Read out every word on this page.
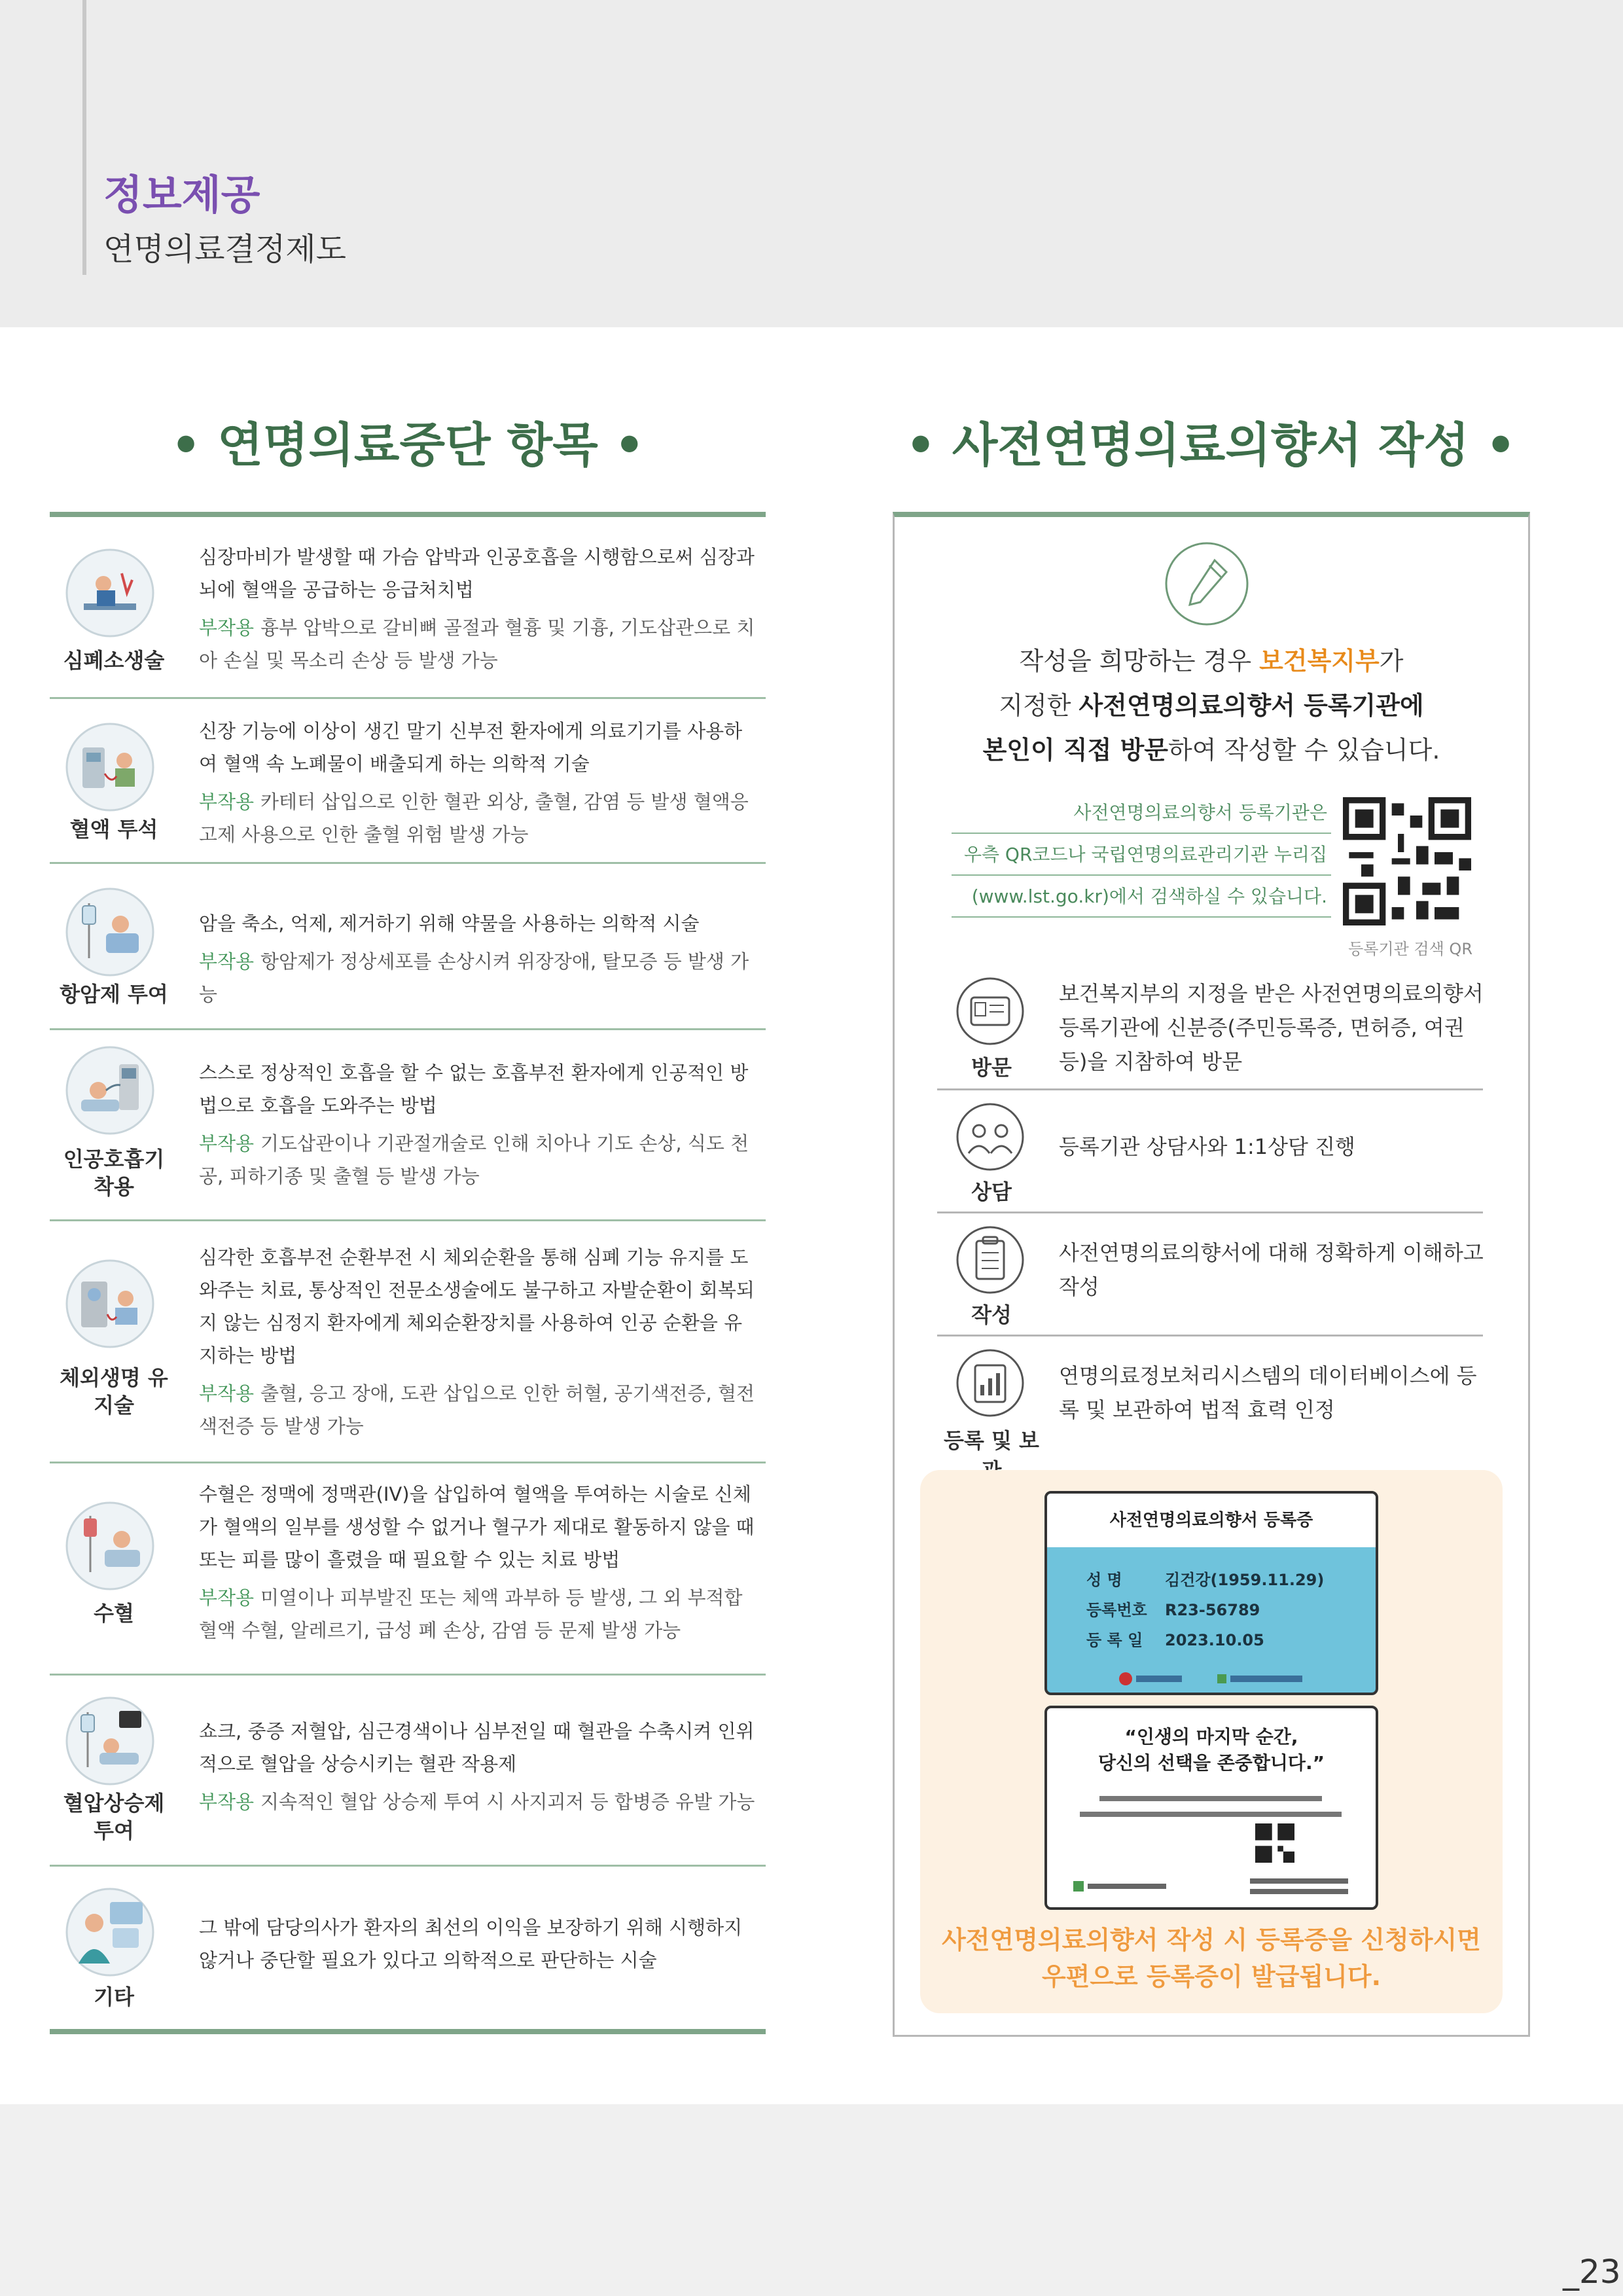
정보제공
연명의료결정제도
• 연명의료중단 항목 •
심폐소생술
심장마비가 발생할 때 가슴 압박과 인공호흡을 시행함으로써 심장과 뇌에 혈액을 공급하는 응급처치법
부작용 흉부 압박으로 갈비뼈 골절과 혈흉 및 기흉, 기도삽관으로 치아 손실 및 목소리 손상 등 발생 가능
혈액 투석
신장 기능에 이상이 생긴 말기 신부전 환자에게 의료기기를 사용하여 혈액 속 노폐물이 배출되게 하는 의학적 기술
부작용 카테터 삽입으로 인한 혈관 외상, 출혈, 감염 등 발생 혈액응고제 사용으로 인한 출혈 위험 발생 가능
항암제 투여
암을 축소, 억제, 제거하기 위해 약물을 사용하는 의학적 시술
부작용 항암제가 정상세포를 손상시켜 위장장애, 탈모증 등 발생 가능
인공호흡기 착용
스스로 정상적인 호흡을 할 수 없는 호흡부전 환자에게 인공적인 방법으로 호흡을 도와주는 방법
부작용 기도삽관이나 기관절개술로 인해 치아나 기도 손상, 식도 천공, 피하기종 및 출혈 등 발생 가능
체외생명 유지술
심각한 호흡부전 순환부전 시 체외순환을 통해 심폐 기능 유지를 도와주는 치료, 통상적인 전문소생술에도 불구하고 자발순환이 회복되지 않는 심정지 환자에게 체외순환장치를 사용하여 인공 순환을 유지하는 방법
부작용 출혈, 응고 장애, 도관 삽입으로 인한 허혈, 공기색전증, 혈전색전증 등 발생 가능
수혈
수혈은 정맥에 정맥관(IV)을 삽입하여 혈액을 투여하는 시술로 신체가 혈액의 일부를 생성할 수 없거나 혈구가 제대로 활동하지 않을 때 또는 피를 많이 흘렸을 때 필요할 수 있는 치료 방법
부작용 미열이나 피부발진 또는 체액 과부하 등 발생, 그 외 부적합 혈액 수혈, 알레르기, 급성 폐 손상, 감염 등 문제 발생 가능
혈압상승제 투여
쇼크, 중증 저혈압, 심근경색이나 심부전일 때 혈관을 수축시켜 인위적으로 혈압을 상승시키는 혈관 작용제
부작용 지속적인 혈압 상승제 투여 시 사지괴저 등 합병증 유발 가능
기타
그 밖에 담당의사가 환자의 최선의 이익을 보장하기 위해 시행하지 않거나 중단할 필요가 있다고 의학적으로 판단하는 시술
• 사전연명의료의향서 작성 •
작성을 희망하는 경우 보건복지부가
지정한 사전연명의료의향서 등록기관에
본인이 직접 방문하여 작성할 수 있습니다.
사전연명의료의향서 등록기관은
우측 QR코드나 국립연명의료관리기관 누리집
(www.lst.go.kr)에서 검색하실 수 있습니다.
등록기관 검색 QR
방문
보건복지부의 지정을 받은 사전연명의료의향서 등록기관에 신분증(주민등록증, 면허증, 여권 등)을 지참하여 방문
상담
등록기관 상담사와 1:1상담 진행
작성
사전연명의료의향서에 대해 정확하게 이해하고 작성
등록 및 보
연명의료정보처리시스템의 데이터베이스에 등록 및 보관하여 법적 효력 인정
사전연명의료의향서 등록증
성 명	김건강(1959.11.29)
등록번호 R23-56789
등 록 일 2023.10.05
“인생의 마지막 순간,
당신의 선택을 존중합니다.”
사전연명의료의향서 작성 시 등록증을 신청하시면
우편으로 등록증이 발급됩니다.
_23
